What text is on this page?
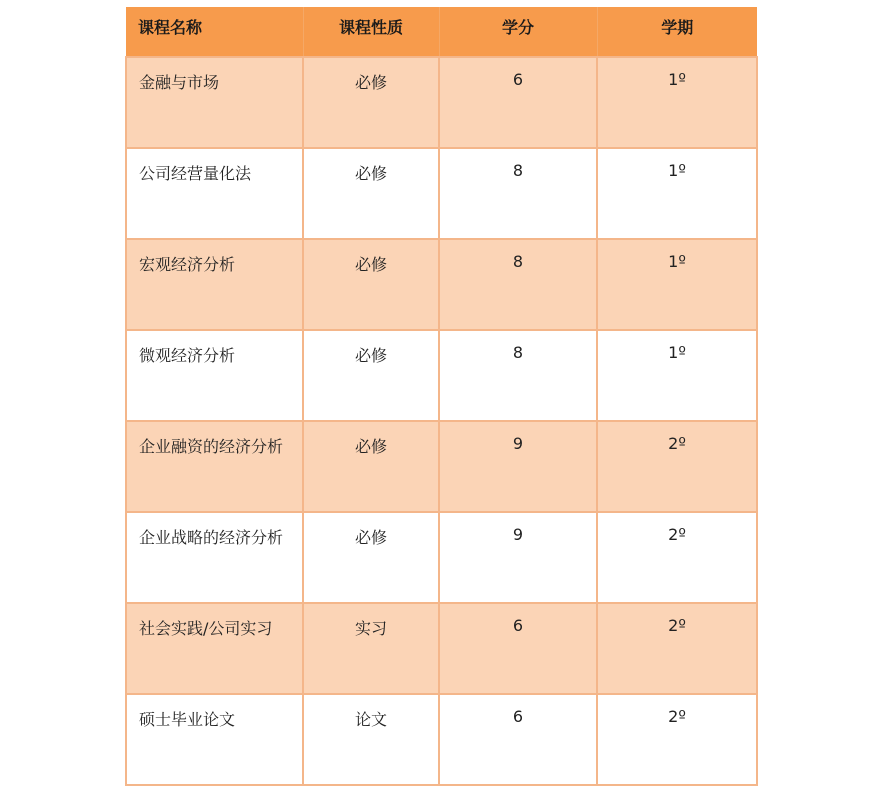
课程名称	课程性质	学分	学期
金融与市场	必修	6	1º
公司经营量化法	必修	8	1º
宏观经济分析	必修	8	1º
微观经济分析	必修	8	1º
企业融资的经济分析	必修	9	2º
企业战略的经济分析	必修	9	2º
社会实践/公司实习	实习	6	2º
硕士毕业论文	论文	6	2º
